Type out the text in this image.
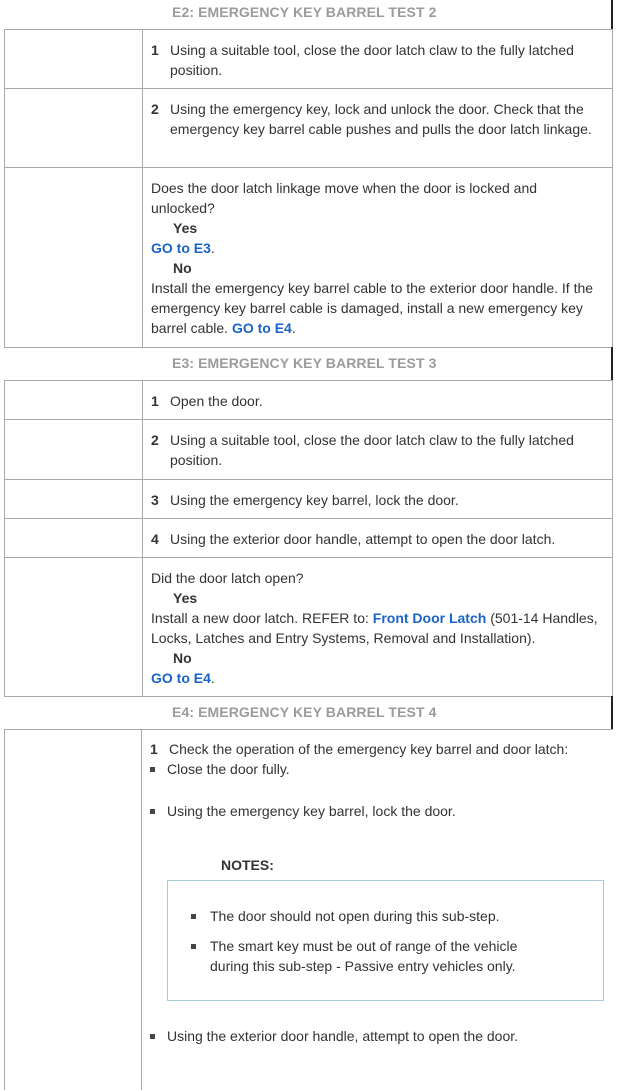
E2: EMERGENCY KEY BARREL TEST 2
1 Using a suitable tool, close the door latch claw to the fully latched position.
2 Using the emergency key, lock and unlock the door. Check that the emergency key barrel cable pushes and pulls the door latch linkage.
Does the door latch linkage move when the door is locked and unlocked?
Yes
GO to E3.
No
Install the emergency key barrel cable to the exterior door handle. If the emergency key barrel cable is damaged, install a new emergency key barrel cable. GO to E4.
E3: EMERGENCY KEY BARREL TEST 3
1 Open the door.
2 Using a suitable tool, close the door latch claw to the fully latched position.
3 Using the emergency key barrel, lock the door.
4 Using the exterior door handle, attempt to open the door latch.
Did the door latch open?
Yes
Install a new door latch. REFER to: Front Door Latch (501-14 Handles, Locks, Latches and Entry Systems, Removal and Installation).
No
GO to E4.
E4: EMERGENCY KEY BARREL TEST 4
1 Check the operation of the emergency key barrel and door latch:
Close the door fully.
Using the emergency key barrel, lock the door.
NOTES:
The door should not open during this sub-step.
The smart key must be out of range of the vehicle during this sub-step - Passive entry vehicles only.
Using the exterior door handle, attempt to open the door.
